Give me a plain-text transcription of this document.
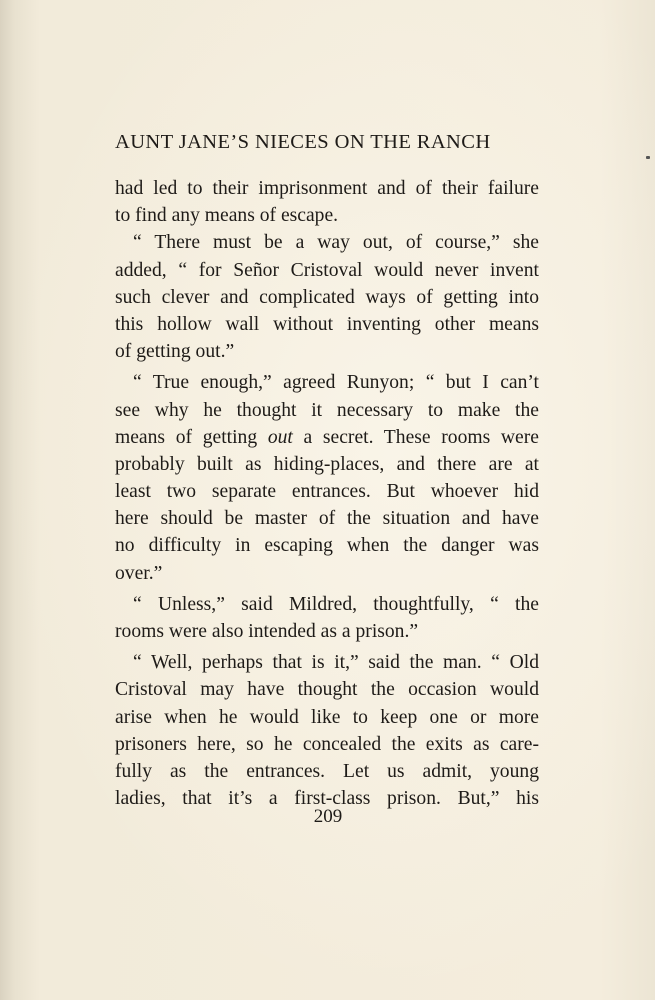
AUNT JANE’S NIECES ON THE RANCH
had led to their imprisonment and of their failure
to find any means of escape.
“ There must be a way out, of course,” she
added, “ for Señor Cristoval would never invent
such clever and complicated ways of getting into
this hollow wall without inventing other means
of getting out.”
“ True enough,” agreed Runyon; “ but I can’t
see why he thought it necessary to make the
means of getting out a secret. These rooms were
probably built as hiding-places, and there are at
least two separate entrances. But whoever hid
here should be master of the situation and have
no difficulty in escaping when the danger was
over.”
“ Unless,” said Mildred, thoughtfully, “ the
rooms were also intended as a prison.”
“ Well, perhaps that is it,” said the man. “ Old
Cristoval may have thought the occasion would
arise when he would like to keep one or more
prisoners here, so he concealed the exits as care-
fully as the entrances. Let us admit, young
ladies, that it’s a first-class prison. But,” his
209
